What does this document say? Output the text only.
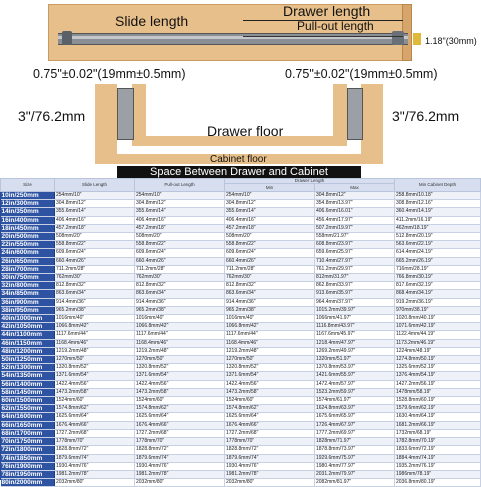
Slide length
Drawer length
Pull-out length
1.18"(30mm)
0.75"±0.02"(19mm±0.5mm)	0.75"±0.02"(19mm±0.5mm)
3"/76.2mm	3"/76.2mm
Drawer floor
Cabinet floor
Space Between Drawer and Cabinet
Size	Slide Length	Pull-out Length	Drawer Length		Min Cabinet Depth
			Min	Max	
10in/250mm	254mm/10"	254mm/10"	254mm/10"	304.8mm/12"	258.8mm/10.18"
12in/300mm	304.8mm/12"	304.8mm/12"	304.8mm/12"	354.8mm/13.97"	308.8mm/12.16"
14in/350mm	355.6mm/14"	355.6mm/14"	355.6mm/14"	406.6mm/16.01"	360.4mm/14.19"
16in/400mm	406.4mm/16"	406.4mm/16"	406.4mm/16"	456.4mm/17.97"	411.2mm/16.19"
18in/450mm	457.2mm/18"	457.2mm/18"	457.2mm/18"	507.2mm/19.97"	462mm/18.19"
20in/500mm	508mm/20"	508mm/20"	508mm/20"	558mm/21.97"	512.8mm/20.19"
22in/550mm	558.8mm/22"	558.8mm/22"	558.8mm/22"	608.8mm/23.97"	563.6mm/22.19"
24in/600mm	609.6mm/24"	609.6mm/24"	609.6mm/24"	659.6mm/25.97"	614.4mm/24.19"
26in/650mm	660.4mm/26"	660.4mm/26"	660.4mm/26"	710.4mm/27.97"	665.2mm/26.19"
28in/700mm	711.2mm/28"	711.2mm/28"	711.2mm/28"	761.2mm/29.97"	716mm/28.19"
30in/750mm	762mm/30"	762mm/30"	762mm/30"	812mm/31.97"	766.8mm/30.19"
32in/800mm	812.8mm/32"	812.8mm/32"	812.8mm/32"	862.8mm/33.97"	817.6mm/32.19"
34in/850mm	863.6mm/34"	863.6mm/34"	863.6mm/34"	913.6mm/35.97"	868.4mm/34.19"
36in/900mm	914.4mm/36"	914.4mm/36"	914.4mm/36"	964.4mm/37.97"	919.2mm/36.19"
38in/950mm	965.2mm/38"	965.2mm/38"	965.2mm/38"	1015.2mm/39.97"	970mm/38.19"
40in/1000mm	1016mm/40"	1016mm/40"	1016mm/40"	1066mm/41.97"	1020.8mm/40.19"
42in/1050mm	1066.8mm/42"	1066.8mm/42"	1066.8mm/42"	1116.8mm/43.97"	1071.6mm/42.19"
44in/1100mm	1117.6mm/44"	1117.6mm/44"	1117.6mm/44"	1167.6mm/45.97"	1122.4mm/44.19"
46in/1150mm	1168.4mm/46"	1168.4mm/46"	1168.4mm/46"	1218.4mm/47.97"	1173.2mm/46.19"
48in/1200mm	1219.2mm/48"	1219.2mm/48"	1219.2mm/48"	1269.2mm/49.97"	1224mm/48.19"
50in/1250mm	1270mm/50"	1270mm/50"	1270mm/50"	1320mm/51.97"	1274.8mm/50.19"
52in/1300mm	1320.8mm/52"	1320.8mm/52"	1320.8mm/52"	1370.8mm/53.97"	1325.6mm/52.19"
54in/1350mm	1371.6mm/54"	1371.6mm/54"	1371.6mm/54"	1421.6mm/55.97"	1376.4mm/54.19"
56in/1400mm	1422.4mm/56"	1422.4mm/56"	1422.4mm/56"	1472.4mm/57.97"	1427.2mm/56.19"
58in/1450mm	1473.2mm/58"	1473.2mm/58"	1473.2mm/58"	1523.2mm/59.97"	1478mm/58.19"
60in/1500mm	1524mm/60"	1524mm/60"	1524mm/60"	1574mm/61.97"	1528.8mm/60.19"
62in/1550mm	1574.8mm/62"	1574.8mm/62"	1574.8mm/62"	1624.8mm/63.97"	1579.6mm/62.19"
64in/1600mm	1625.6mm/64"	1625.6mm/64"	1625.6mm/64"	1675.6mm/65.97"	1630.4mm/64.19"
66in/1650mm	1676.4mm/66"	1676.4mm/66"	1676.4mm/66"	1726.4mm/67.97"	1681.2mm/66.19"
68in/1700mm	1727.2mm/68"	1727.2mm/68"	1727.2mm/68"	1777.2mm/69.97"	1732mm/68.19"
70in/1750mm	1778mm/70"	1778mm/70"	1778mm/70"	1828mm/71.97"	1782.8mm/70.19"
72in/1800mm	1828.8mm/72"	1828.8mm/72"	1828.8mm/72"	1878.8mm/73.97"	1833.6mm/72.19"
74in/1850mm	1879.6mm/74"	1879.6mm/74"	1879.6mm/74"	1929.6mm/75.97"	1884.4mm/74.19"
76in/1900mm	1930.4mm/76"	1930.4mm/76"	1930.4mm/76"	1980.4mm/77.97"	1935.2mm/76.19"
78in/1950mm	1981.2mm/78"	1981.2mm/78"	1981.2mm/78"	2031.2mm/79.97"	1986mm/78.19"
80in/2000mm	2032mm/80"	2032mm/80"	2032mm/80"	2082mm/81.97"	2036.8mm/80.19"
